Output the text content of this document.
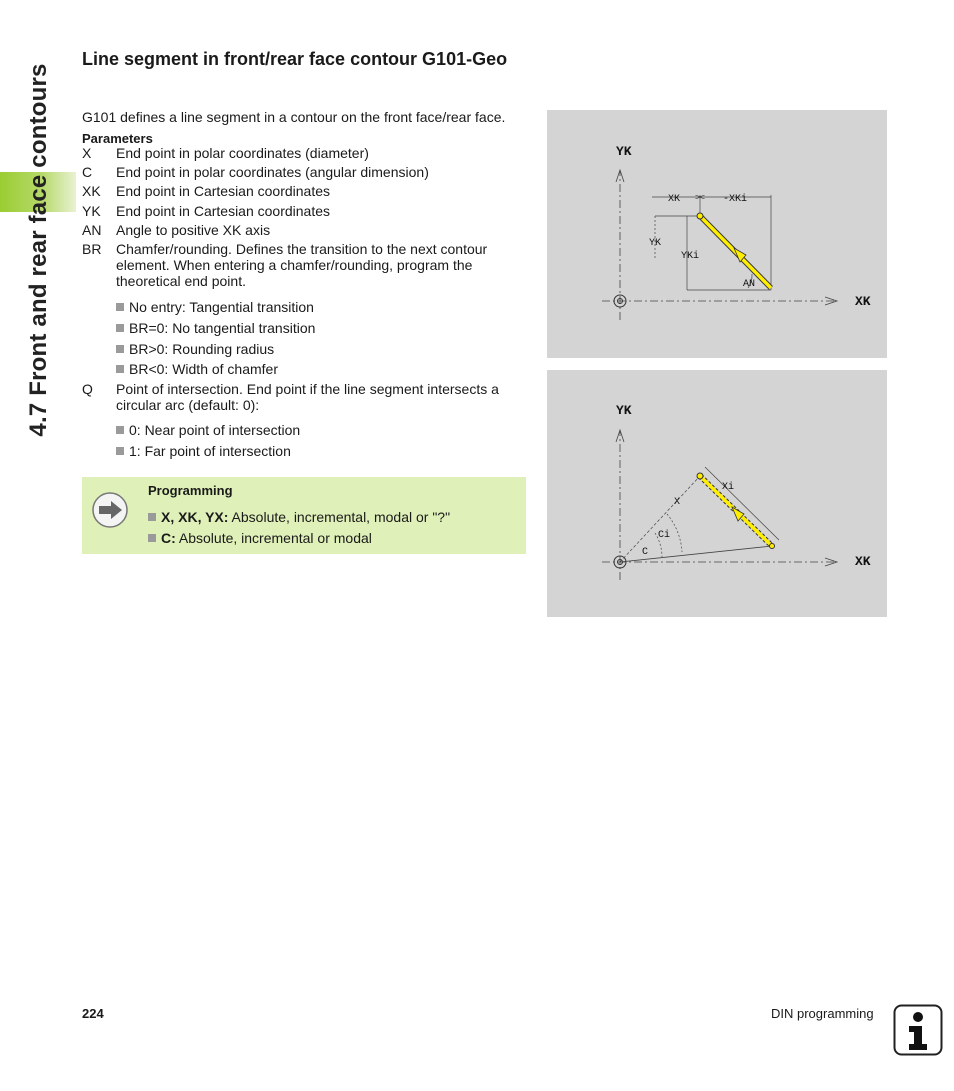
4.7 Front and rear face contours
Line segment in front/rear face contour G101-Geo
G101 defines a line segment in a contour on the front face/rear face.
Parameters
X End point in polar coordinates (diameter)
C End point in polar coordinates (angular dimension)
XK End point in Cartesian coordinates
YK End point in Cartesian coordinates
AN Angle to positive XK axis
BR Chamfer/rounding. Defines the transition to the next contour element. When entering a chamfer/rounding, program the theoretical end point.
No entry: Tangential transition
BR=0: No tangential transition
BR>0: Rounding radius
BR<0: Width of chamfer
Q Point of intersection. End point if the line segment intersects a circular arc (default: 0):
0: Near point of intersection
1: Far point of intersection
Programming
X, XK, YX: Absolute, incremental, modal or "?"
C: Absolute, incremental or modal
YK
XK
XK	-XKi
YK
YKi
AN
YK
XK
X
Xi
Ci
C
224	DIN programming
